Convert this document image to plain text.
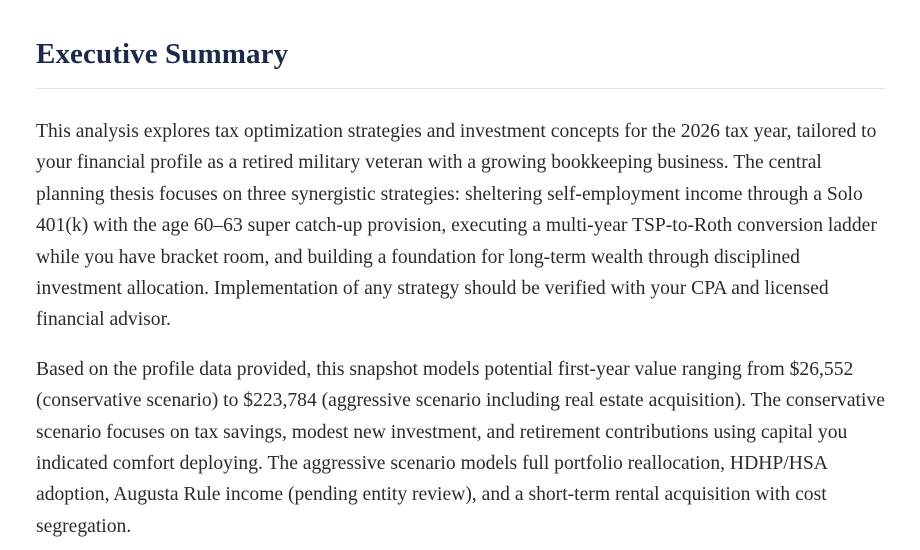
Executive Summary

This analysis explores tax optimization strategies and investment concepts for the 2026 tax year, tailored to your financial profile as a retired military veteran with a growing bookkeeping business. The central planning thesis focuses on three synergistic strategies: sheltering self-employment income through a Solo 401(k) with the age 60–63 super catch-up provision, executing a multi-year TSP-to-Roth conversion ladder while you have bracket room, and building a foundation for long-term wealth through disciplined investment allocation. Implementation of any strategy should be verified with your CPA and licensed financial advisor.

Based on the profile data provided, this snapshot models potential first-year value ranging from $26,552 (conservative scenario) to $223,784 (aggressive scenario including real estate acquisition). The conservative scenario focuses on tax savings, modest new investment, and retirement contributions using capital you indicated comfort deploying. The aggressive scenario models full portfolio reallocation, HDHP/HSA adoption, Augusta Rule income (pending entity review), and a short-term rental acquisition with cost segregation.
